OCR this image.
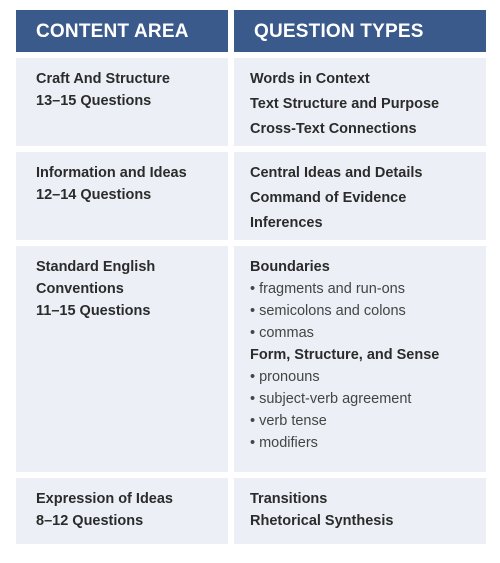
CONTENT AREA	QUESTION TYPES
Craft And Structure
13–15 Questions
Words in Context
Text Structure and Purpose
Cross-Text Connections
Information and Ideas
12–14 Questions
Central Ideas and Details
Command of Evidence
Inferences
Standard English
Conventions
11–15 Questions
Boundaries
• fragments and run-ons
• semicolons and colons
• commas
Form, Structure, and Sense
• pronouns
• subject-verb agreement
• verb tense
• modifiers
Expression of Ideas
8–12 Questions
Transitions
Rhetorical Synthesis
